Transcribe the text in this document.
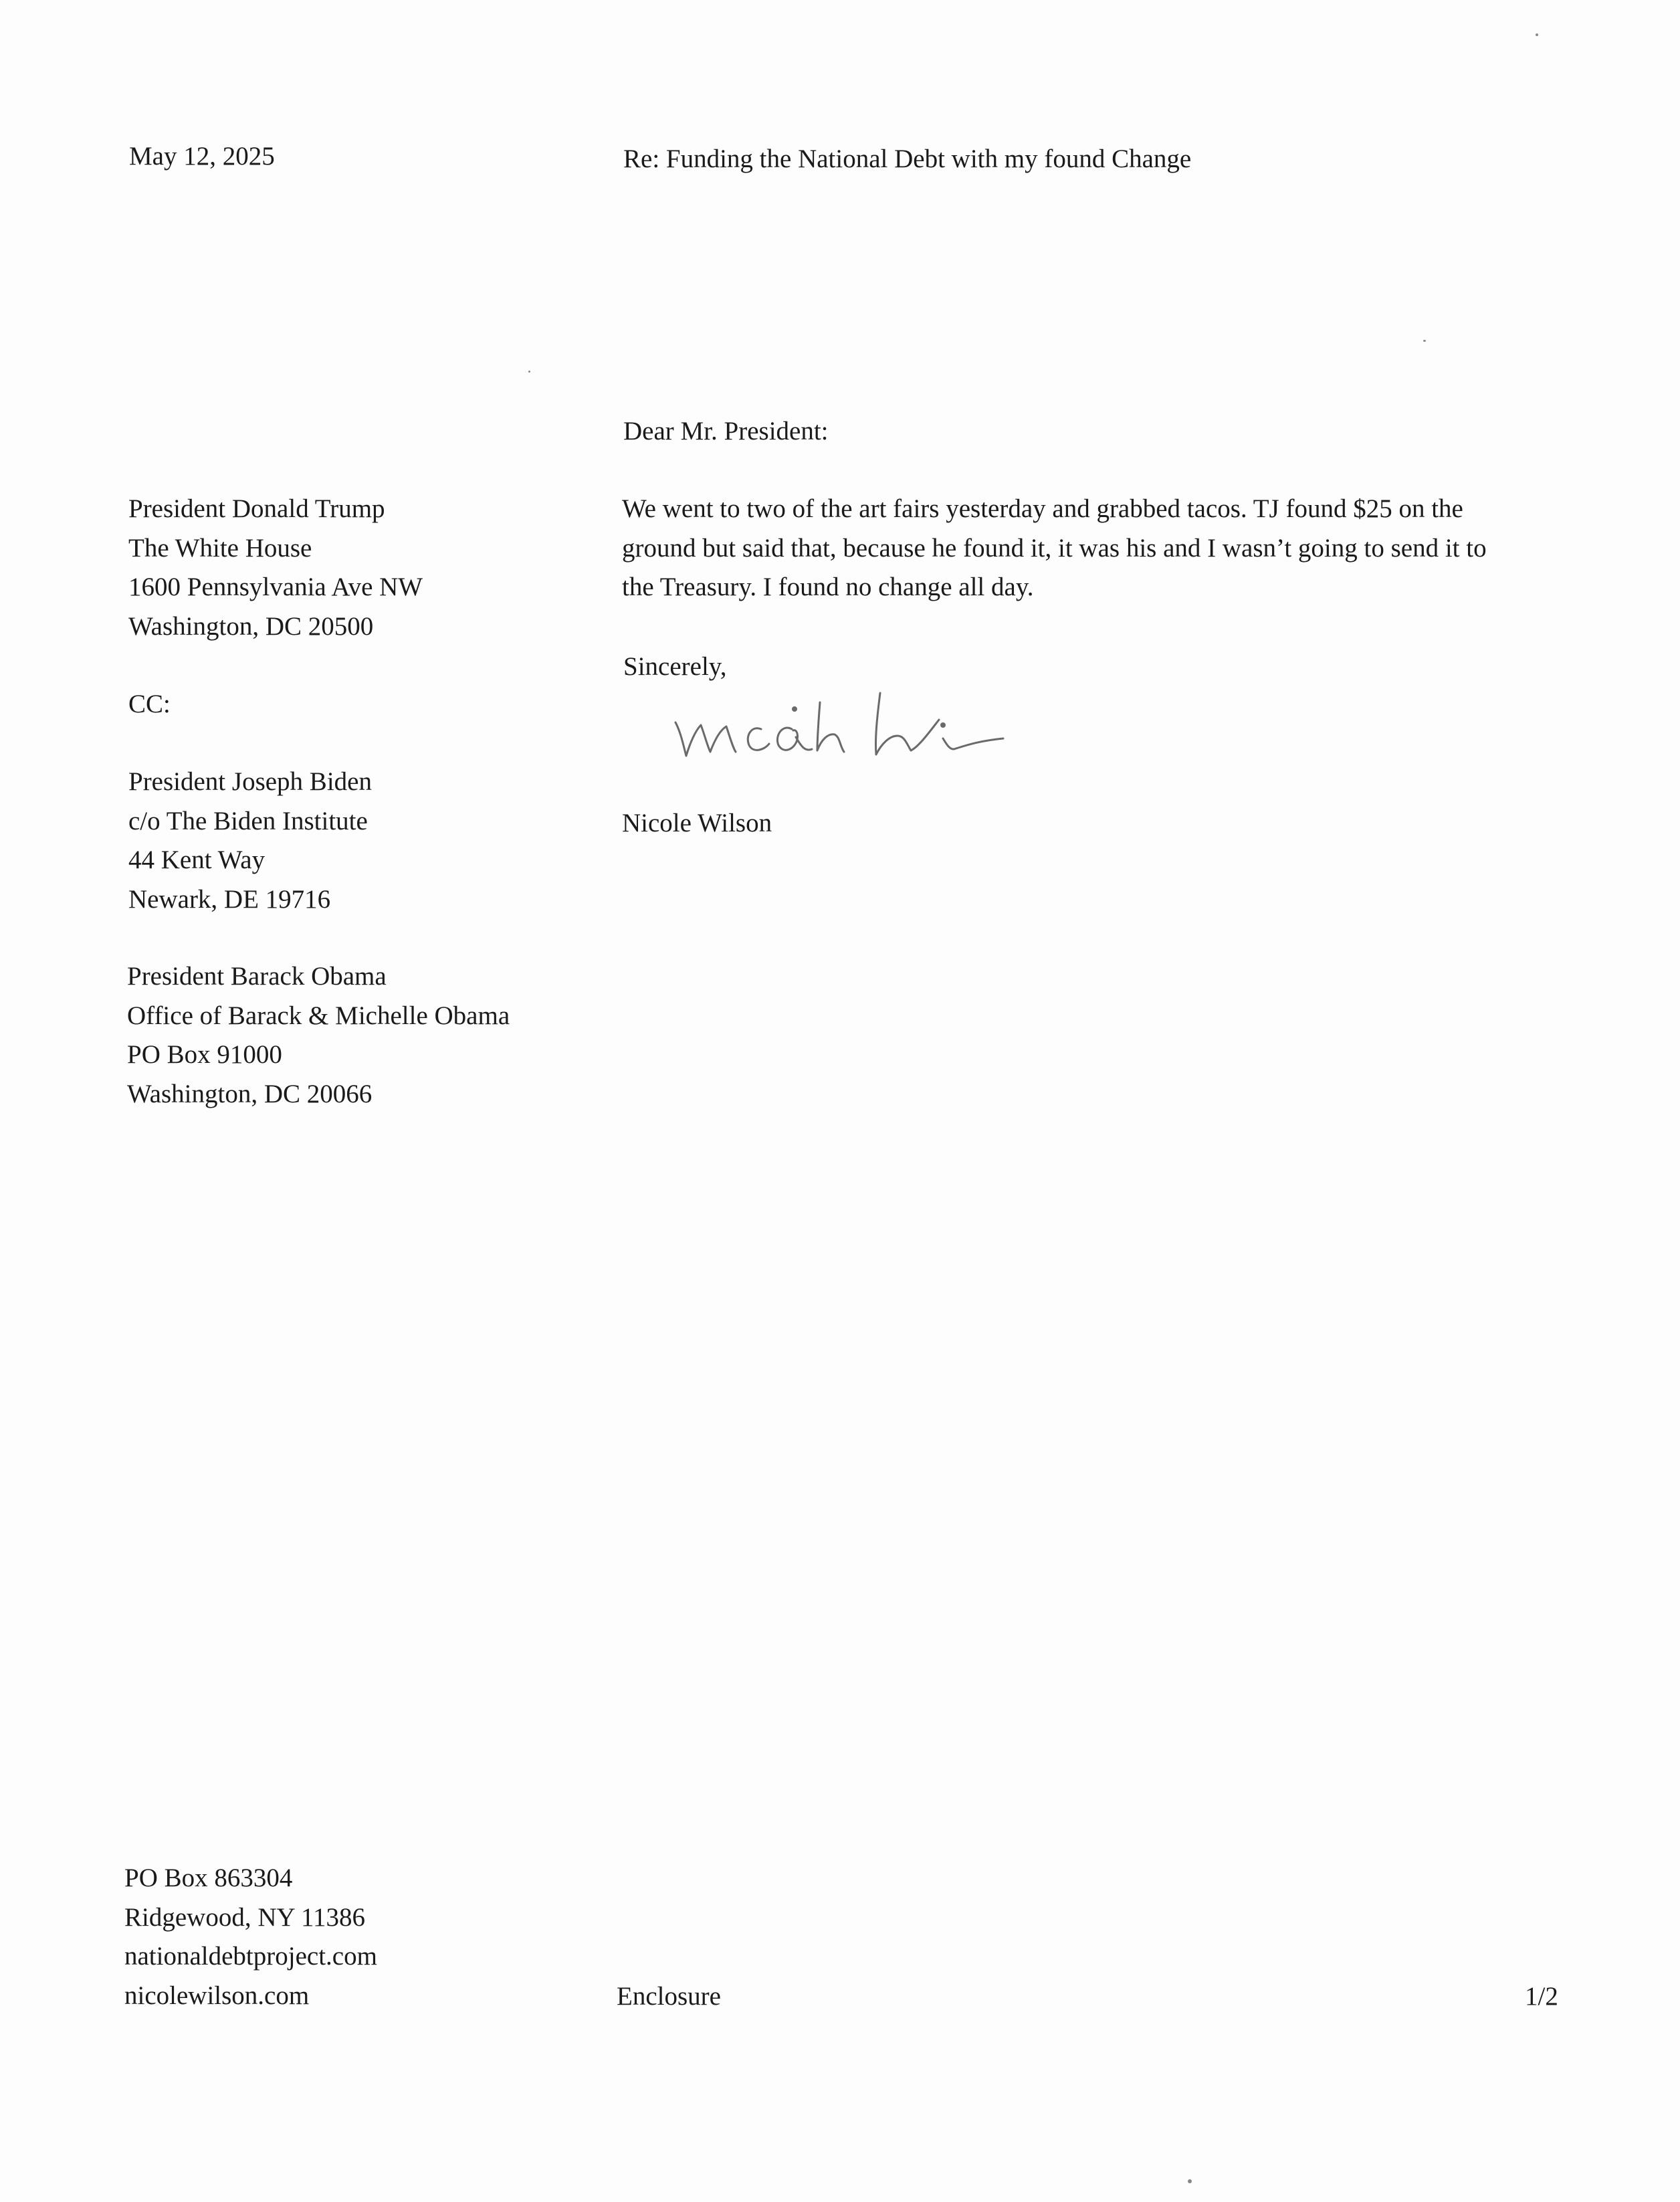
May 12, 2025	Re: Funding the National Debt with my found Change

Dear Mr. President:

President Donald Trump
The White House
1600 Pennsylvania Ave NW
Washington, DC 20500

CC:

President Joseph Biden
c/o The Biden Institute
44 Kent Way
Newark, DE 19716
President Barack Obama
Office of Barack & Michelle Obama
PO Box 91000
Washington, DC 20066
We went to two of the art fairs yesterday and grabbed tacos. TJ found $25 on the
ground but said that, because he found it, it was his and I wasn’t going to send it to
the Treasury. I found no change all day.

Sincerely,

Nicole Wilson

PO Box 863304
Ridgewood, NY 11386
nationaldebtproject.com
nicolewilson.com	Enclosure	1/2
